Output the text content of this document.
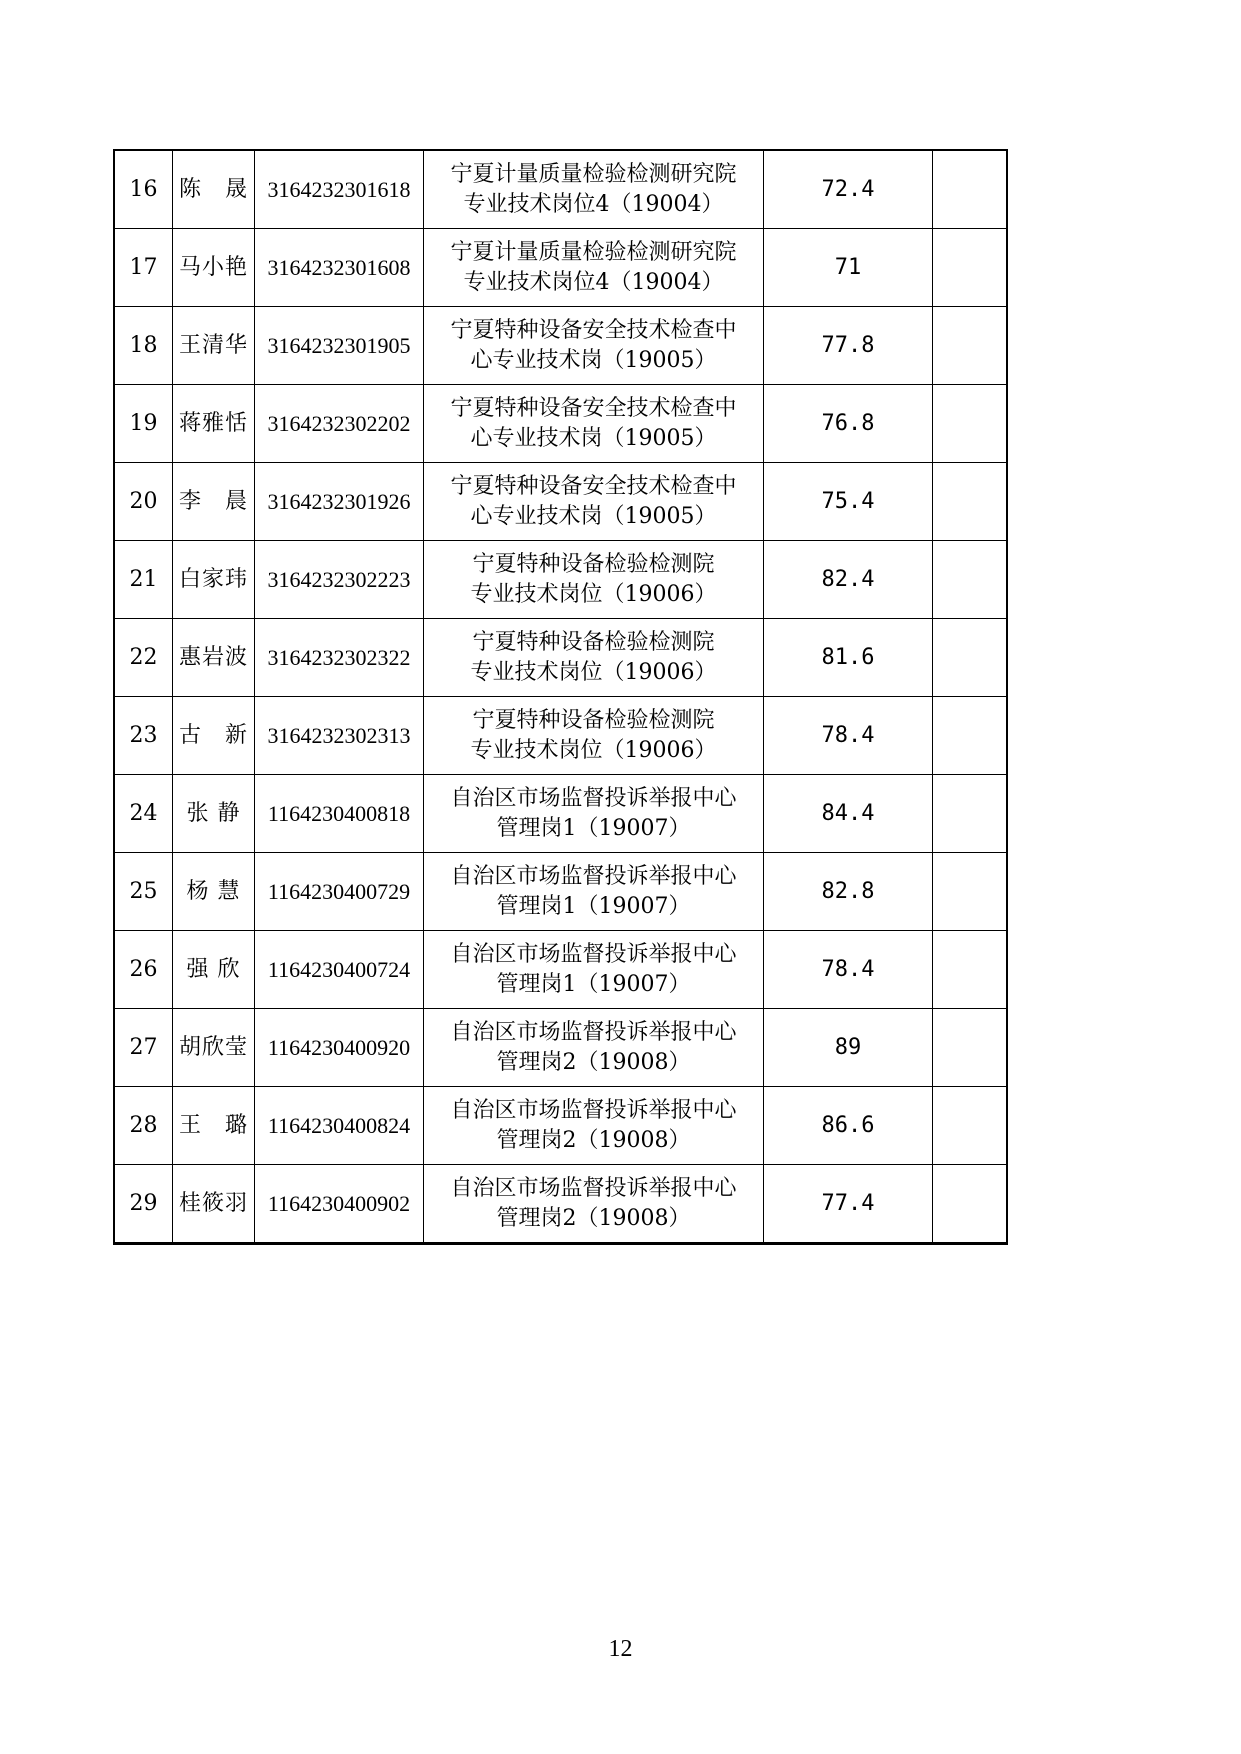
16	陈　晟	3164232301618	宁夏计量质量检验检测研究院
专业技术岗位4（19004）	72.4	
17	马小艳	3164232301608	宁夏计量质量检验检测研究院
专业技术岗位4（19004）	71	
18	王清华	3164232301905	宁夏特种设备安全技术检查中
心专业技术岗（19005）	77.8	
19	蒋雅恬	3164232302202	宁夏特种设备安全技术检查中
心专业技术岗（19005）	76.8	
20	李　晨	3164232301926	宁夏特种设备安全技术检查中
心专业技术岗（19005）	75.4	
21	白家玮	3164232302223	宁夏特种设备检验检测院
专业技术岗位（19006）	82.4	
22	惠岩波	3164232302322	宁夏特种设备检验检测院
专业技术岗位（19006）	81.6	
23	古　新	3164232302313	宁夏特种设备检验检测院
专业技术岗位（19006）	78.4	
24	张 静	1164230400818	自治区市场监督投诉举报中心
管理岗1（19007）	84.4	
25	杨 慧	1164230400729	自治区市场监督投诉举报中心
管理岗1（19007）	82.8	
26	强 欣	1164230400724	自治区市场监督投诉举报中心
管理岗1（19007）	78.4	
27	胡欣莹	1164230400920	自治区市场监督投诉举报中心
管理岗2（19008）	89	
28	王　璐	1164230400824	自治区市场监督投诉举报中心
管理岗2（19008）	86.6	
29	桂筱羽	1164230400902	自治区市场监督投诉举报中心
管理岗2（19008）	77.4	
12
